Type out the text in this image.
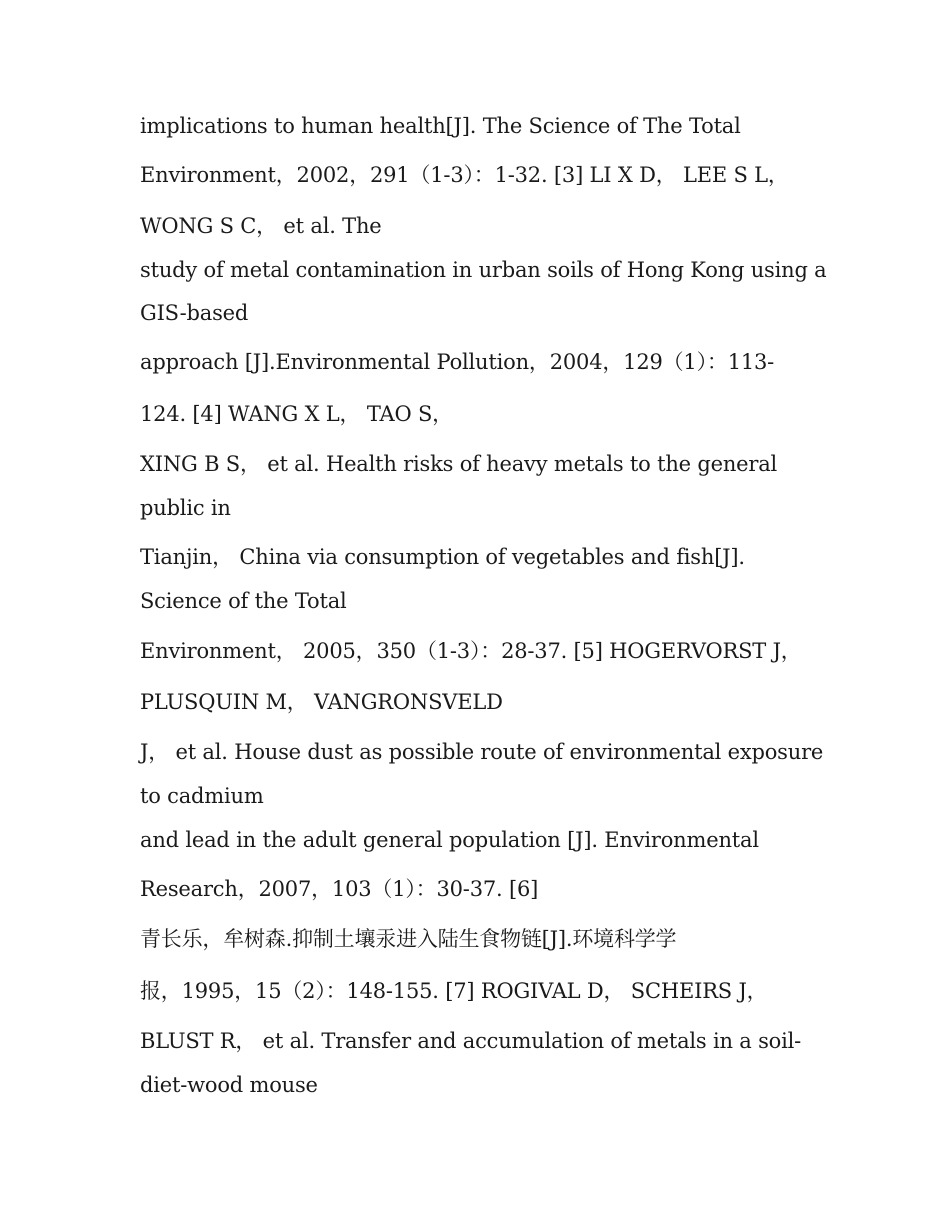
implications to human health[J]. The Science of The Total
Environment，2002，291（1-3）：1-32. [3] LI X D， LEE S L，
WONG S C， et al. The
study of metal contamination in urban soils of Hong Kong using a
GIS-based
approach [J].Environmental Pollution，2004，129（1）：113-
124. [4] WANG X L， TAO S，
XING B S， et al. Health risks of heavy metals to the general
public in
Tianjin， China via consumption of vegetables and fish[J].
Science of the Total
Environment， 2005，350（1-3）：28-37. [5] HOGERVORST J，
PLUSQUIN M， VANGRONSVELD
J， et al. House dust as possible route of environmental exposure
to cadmium
and lead in the adult general population [J]. Environmental
Research，2007，103（1）：30-37. [6]
青长乐，牟树森.抑制土壤汞进入陆生食物链[J].环境科学学
报，1995，15（2）：148-155. [7] ROGIVAL D， SCHEIRS J，
BLUST R， et al. Transfer and accumulation of metals in a soil-
diet-wood mouse
